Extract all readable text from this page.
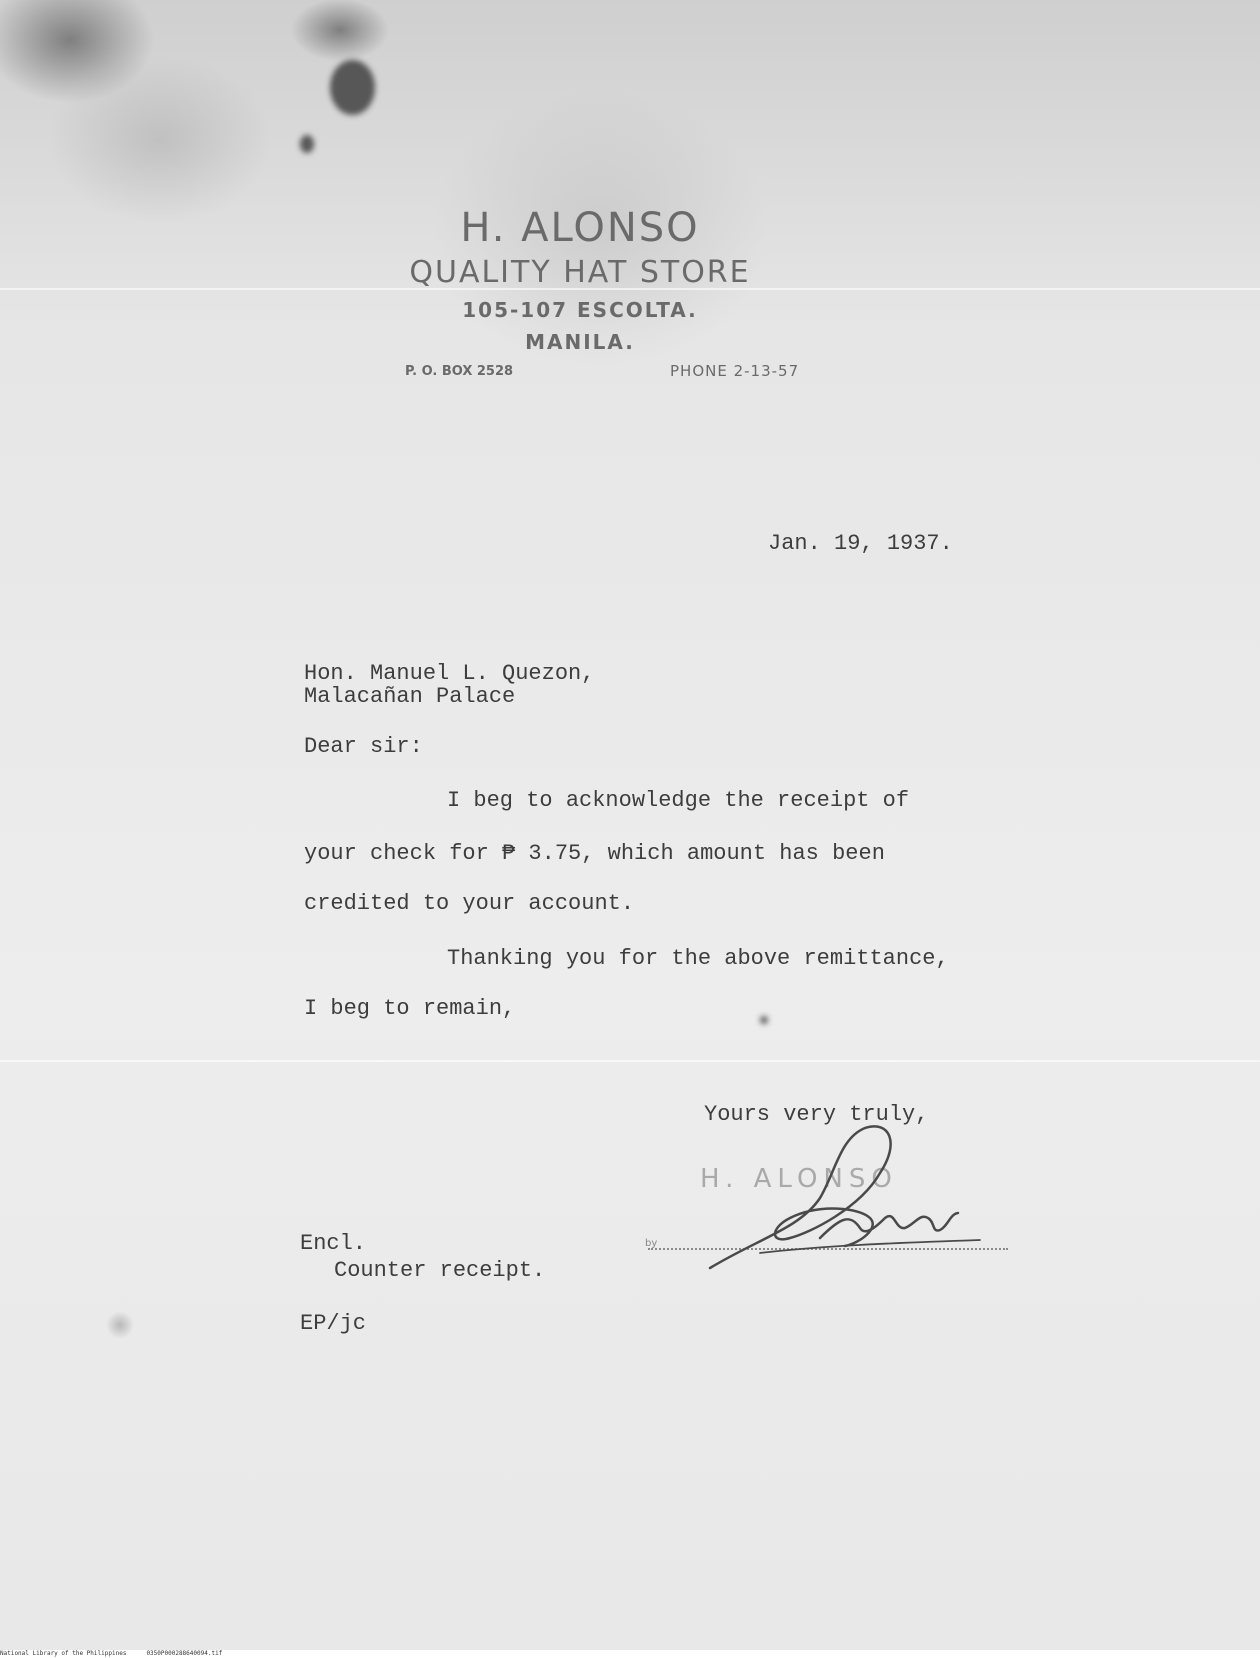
H. ALONSO
QUALITY HAT STORE
105-107 ESCOLTA.
MANILA.
P. O. BOX 2528	PHONE 2-13-57
Jan. 19, 1937.
Hon. Manuel L. Quezon,
Malacañan Palace
Dear sir:
I beg to acknowledge the receipt of
your check for ₱ 3.75, which amount has been
credited to your account.
Thanking you for the above remittance,
I beg to remain,
Yours very truly,
H. ALONSO
by
Encl.
Counter receipt.
EP/jc
National Library of the Philippines	0350P000288640094.tif
